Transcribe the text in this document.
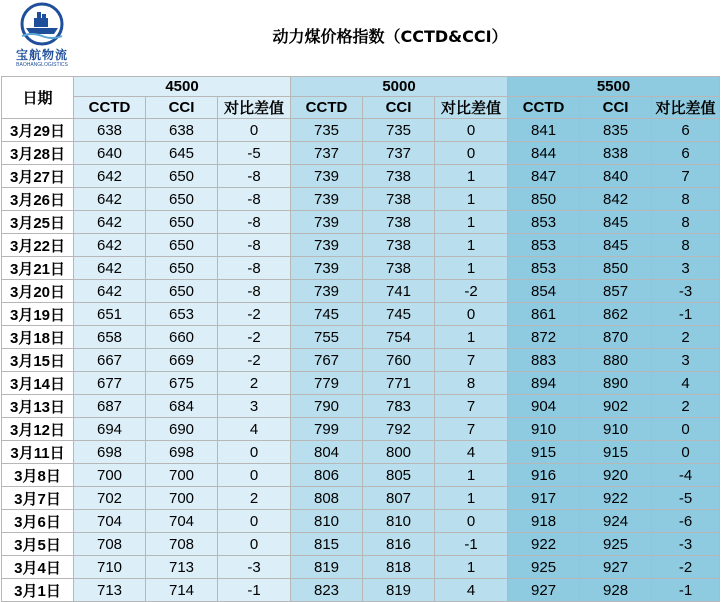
宝航物流
BAOHANGLOGISTICS
动力煤价格指数（CCTD&CCI）
日期	4500			5000			5500		
	CCTD	CCI	对比差值	CCTD	CCI	对比差值	CCTD	CCI	对比差值
3月29日	638	638	0	735	735	0	841	835	6
3月28日	640	645	-5	737	737	0	844	838	6
3月27日	642	650	-8	739	738	1	847	840	7
3月26日	642	650	-8	739	738	1	850	842	8
3月25日	642	650	-8	739	738	1	853	845	8
3月22日	642	650	-8	739	738	1	853	845	8
3月21日	642	650	-8	739	738	1	853	850	3
3月20日	642	650	-8	739	741	-2	854	857	-3
3月19日	651	653	-2	745	745	0	861	862	-1
3月18日	658	660	-2	755	754	1	872	870	2
3月15日	667	669	-2	767	760	7	883	880	3
3月14日	677	675	2	779	771	8	894	890	4
3月13日	687	684	3	790	783	7	904	902	2
3月12日	694	690	4	799	792	7	910	910	0
3月11日	698	698	0	804	800	4	915	915	0
3月8日	700	700	0	806	805	1	916	920	-4
3月7日	702	700	2	808	807	1	917	922	-5
3月6日	704	704	0	810	810	0	918	924	-6
3月5日	708	708	0	815	816	-1	922	925	-3
3月4日	710	713	-3	819	818	1	925	927	-2
3月1日	713	714	-1	823	819	4	927	928	-1
